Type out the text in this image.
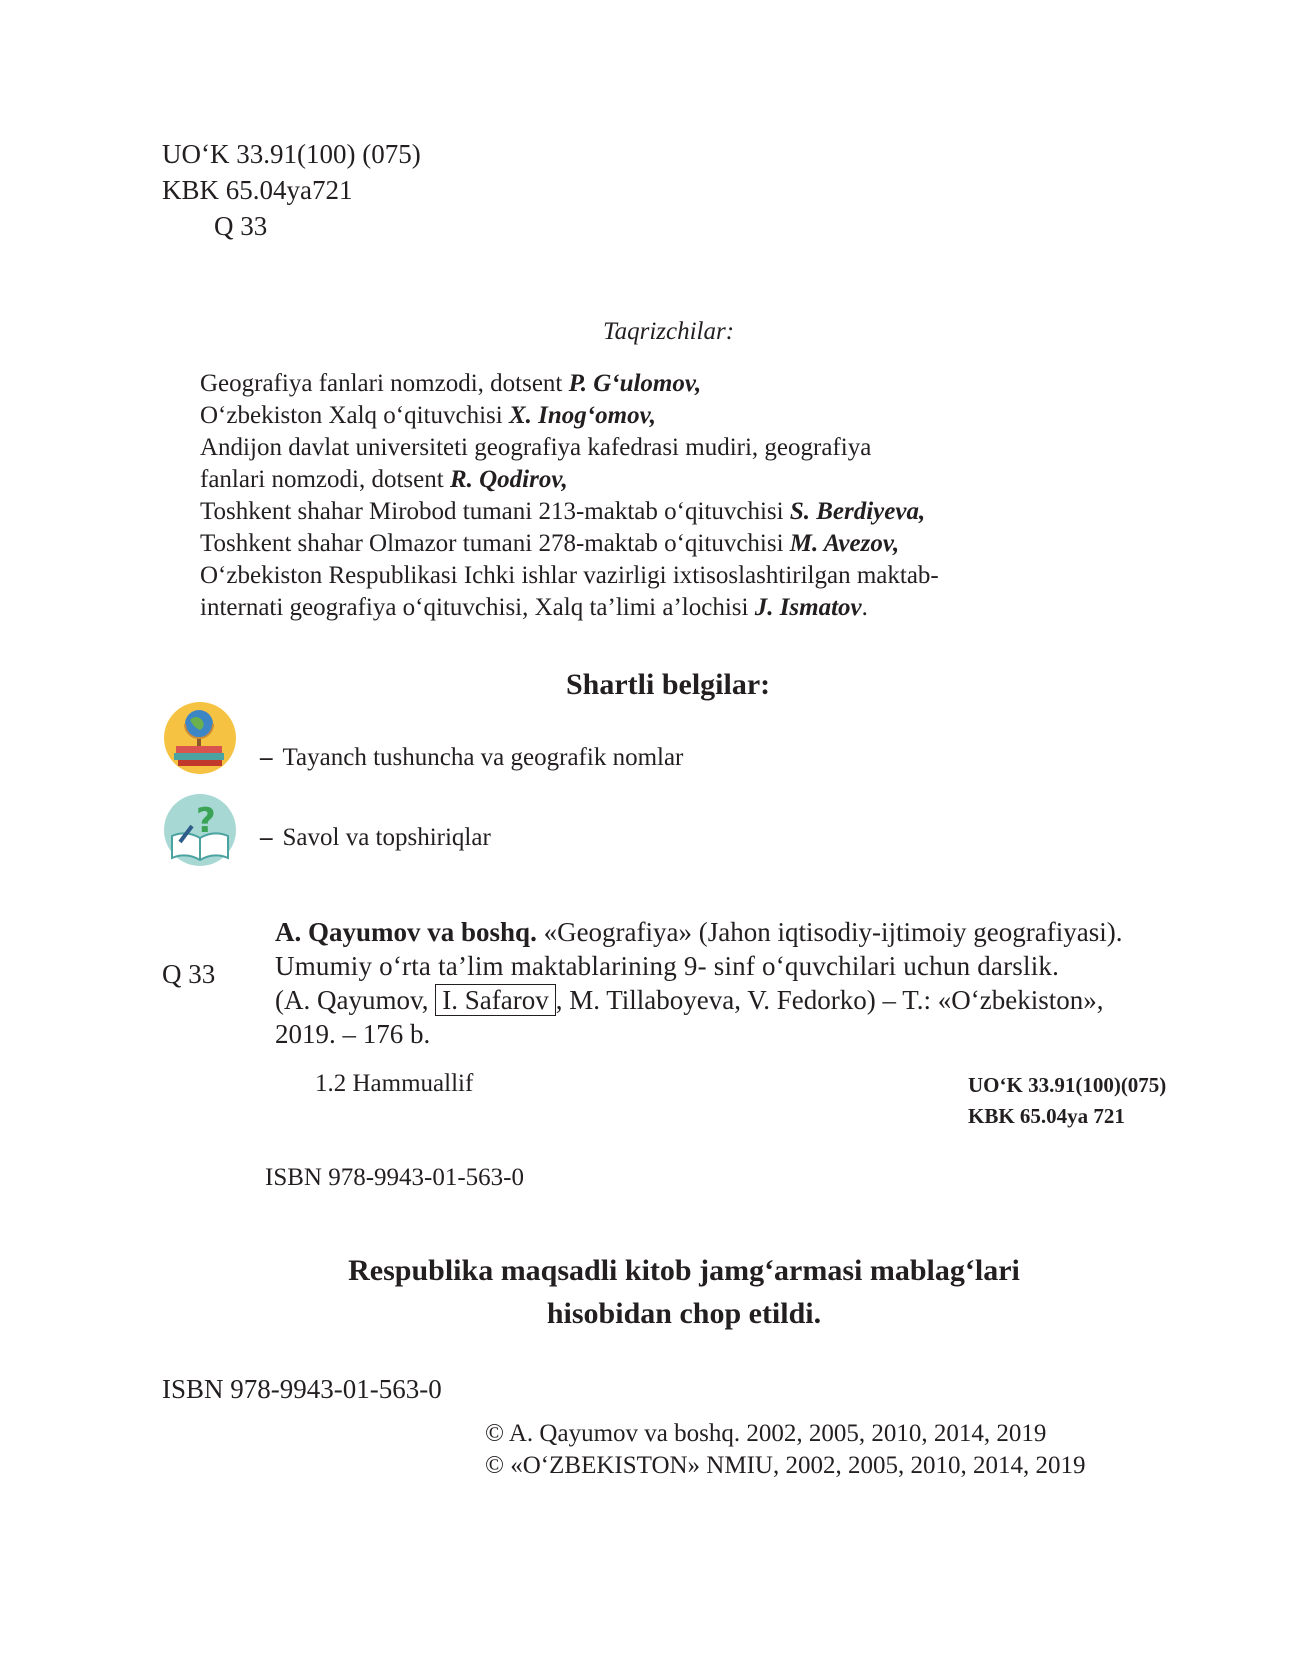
UO‘K 33.91(100) (075)
KBK 65.04ya721
Q 33
Taqrizchilar:
Geografiya fanlari nomzodi, dotsent P. G‘ulomov,
O‘zbekiston Xalq o‘qituvchisi X. Inog‘omov,
Andijon davlat universiteti geografiya kafedrasi mudiri, geografiya
fanlari nomzodi, dotsent R. Qodirov,
Toshkent shahar Mirobod tumani 213-maktab o‘qituvchisi S. Berdiyeva,
Toshkent shahar Olmazor tumani 278-maktab o‘qituvchisi M. Avezov,
O‘zbekiston Respublikasi Ichki ishlar vazirligi ixtisoslashtirilgan maktab-
internati geografiya o‘qituvchisi, Xalq ta’limi a’lochisi J. Ismatov.
Shartli belgilar:
– Tayanch tushuncha va geografik nomlar
? – Savol va topshiriqlar
Q 33
A. Qayumov va boshq. «Geografiya» (Jahon iqtisodiy-ijtimoiy geografiyasi).
Umumiy o‘rta ta’lim maktablarining 9- sinf o‘quvchilari uchun darslik.
(A. Qayumov, I. Safarov , M. Tillaboyeva, V. Fedorko) – T.: «O‘zbekiston»,
2019. – 176 b.
1.2 Hammuallif	UO‘K 33.91(100)(075)
KBK 65.04ya 721
ISBN 978-9943-01-563-0
Respublika maqsadli kitob jamg‘armasi mablag‘lari
hisobidan chop etildi.
ISBN 978-9943-01-563-0
© A. Qayumov va boshq. 2002, 2005, 2010, 2014, 2019
© «O‘ZBEKISTON» NMIU, 2002, 2005, 2010, 2014, 2019
